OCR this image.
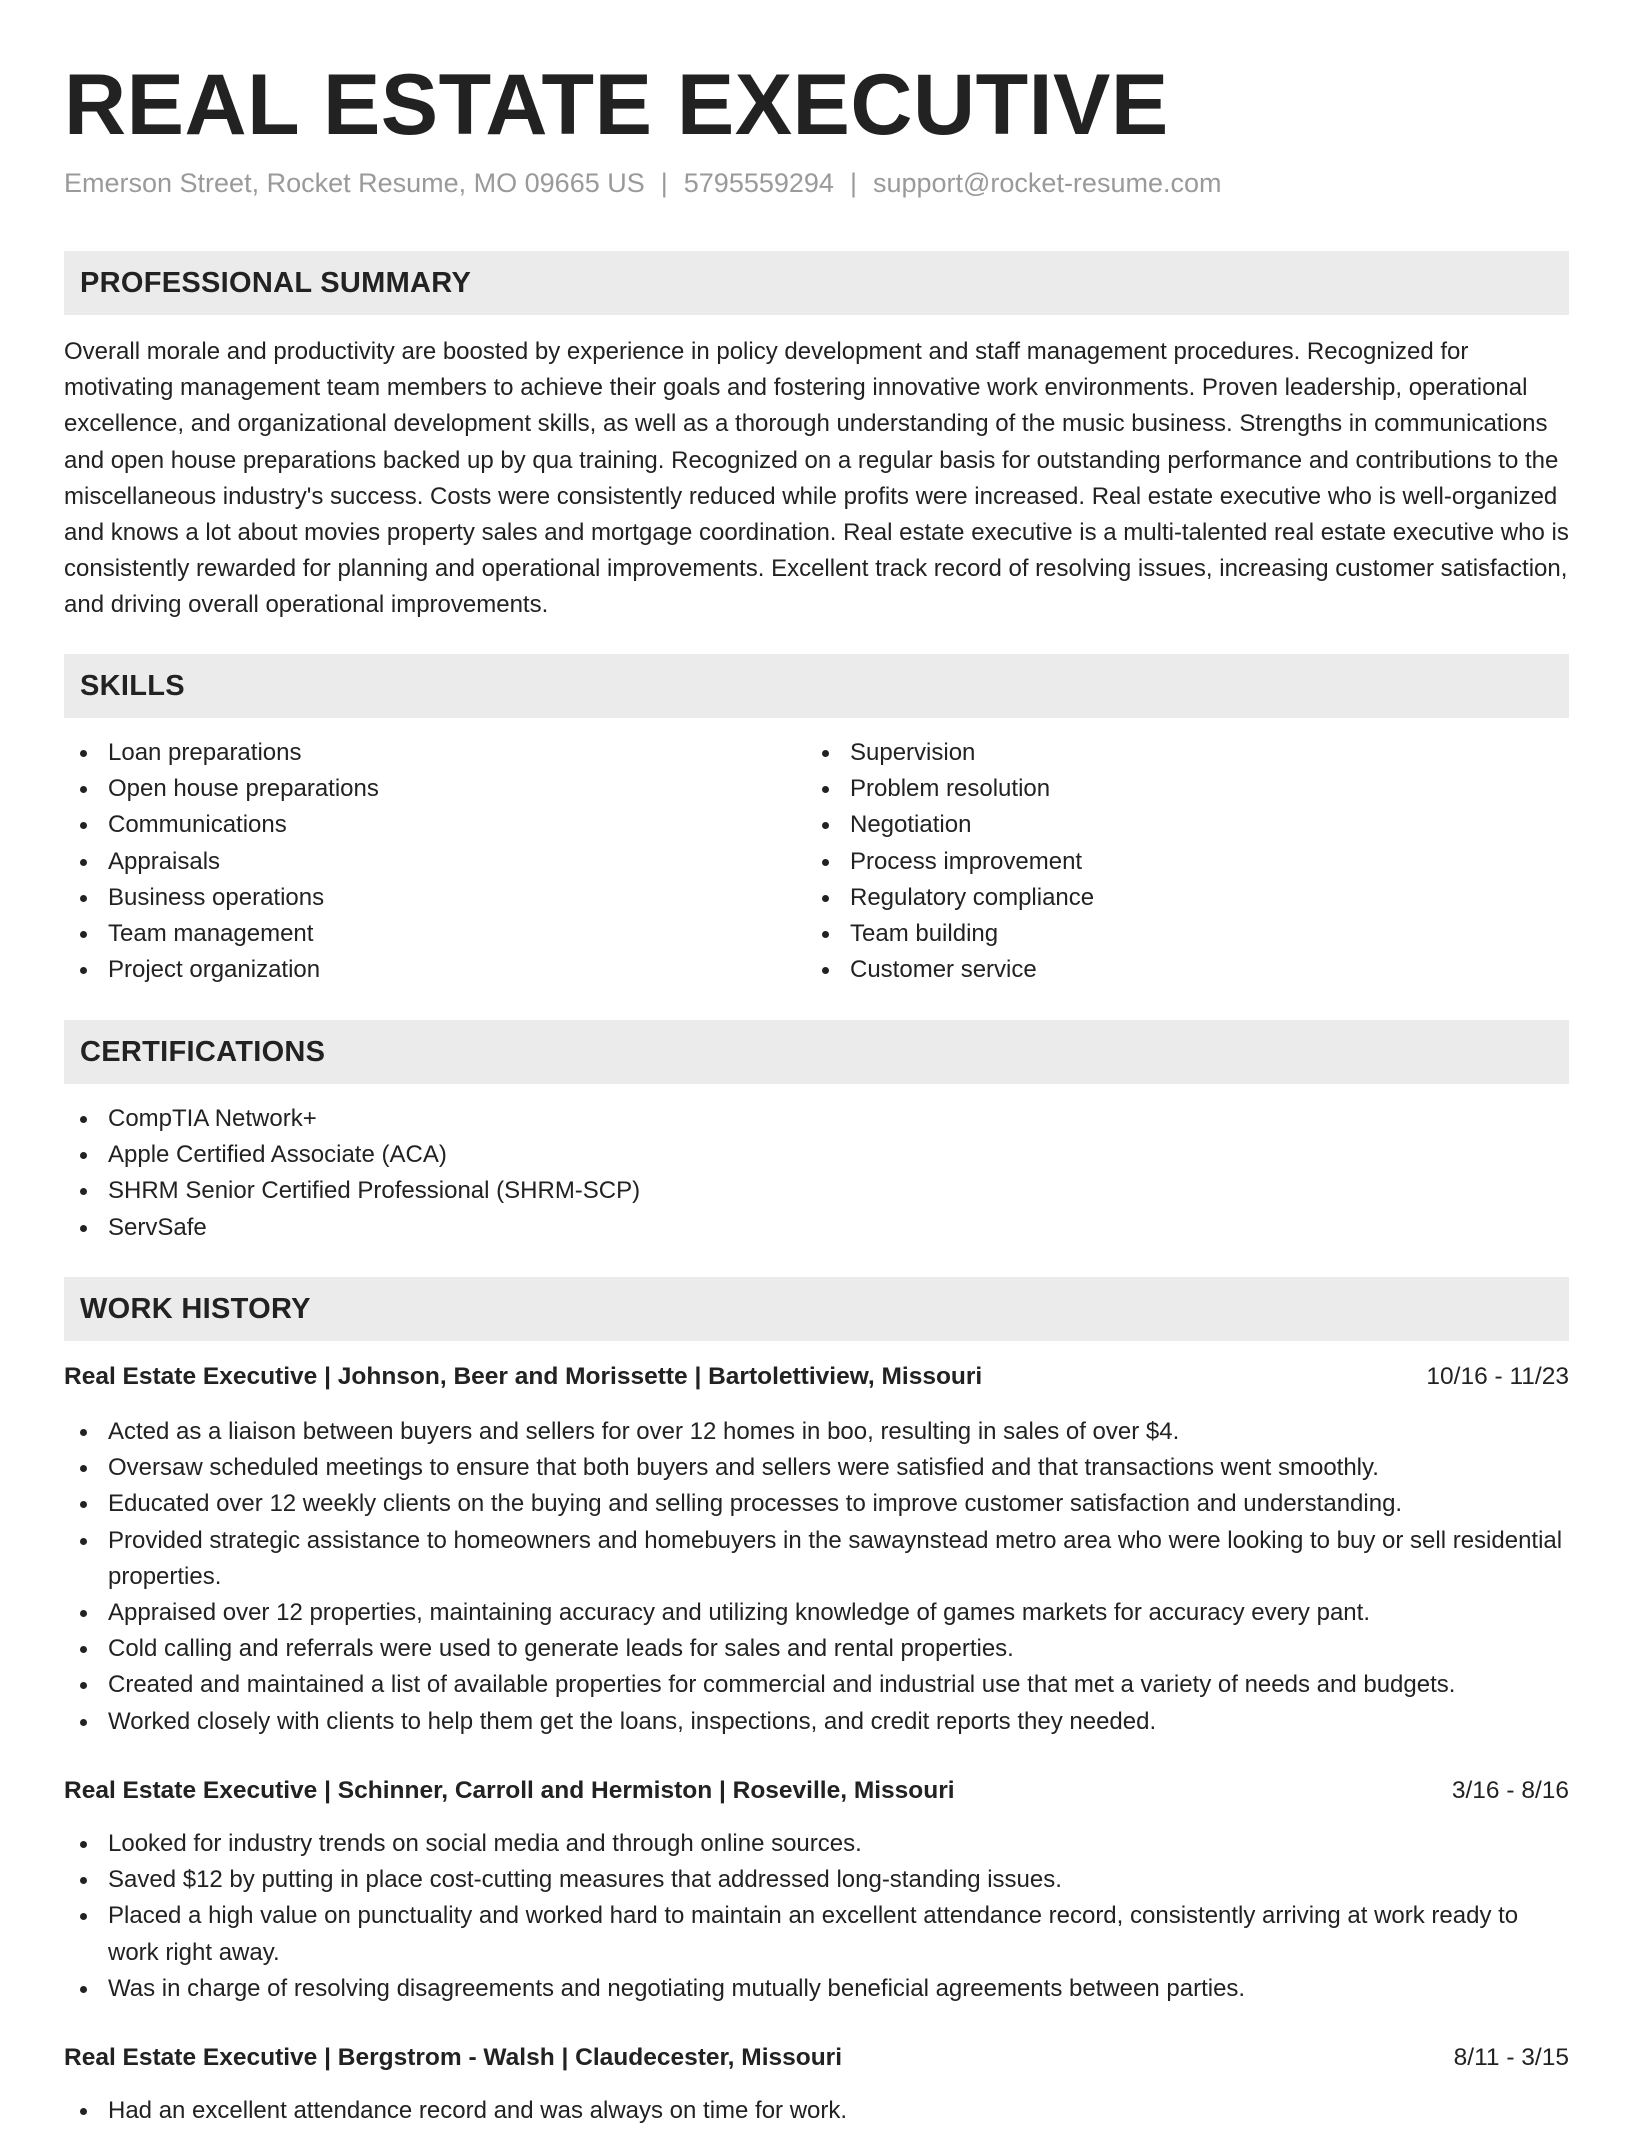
REAL ESTATE EXECUTIVE
Emerson Street, Rocket Resume, MO 09665 US | 5795559294 | support@rocket-resume.com
PROFESSIONAL SUMMARY

Overall morale and productivity are boosted by experience in policy development and staff management procedures. Recognized for motivating management team members to achieve their goals and fostering innovative work environments. Proven leadership, operational excellence, and organizational development skills, as well as a thorough understanding of the music business. Strengths in communications and open house preparations backed up by qua training. Recognized on a regular basis for outstanding performance and contributions to the miscellaneous industry's success. Costs were consistently reduced while profits were increased. Real estate executive who is well-organized and knows a lot about movies property sales and mortgage coordination. Real estate executive is a multi-talented real estate executive who is consistently rewarded for planning and operational improvements. Excellent track record of resolving issues, increasing customer satisfaction, and driving overall operational improvements.

SKILLS
Loan preparations
Open house preparations
Communications
Appraisals
Business operations
Team management
Project organization
Supervision
Problem resolution
Negotiation
Process improvement
Regulatory compliance
Team building
Customer service
CERTIFICATIONS
CompTIA Network+
Apple Certified Associate (ACA)
SHRM Senior Certified Professional (SHRM-SCP)
ServSafe
WORK HISTORY
Real Estate Executive | Johnson, Beer and Morissette | Bartolettiview, Missouri	10/16 - 11/23
Acted as a liaison between buyers and sellers for over 12 homes in boo, resulting in sales of over $4.
Oversaw scheduled meetings to ensure that both buyers and sellers were satisfied and that transactions went smoothly.
Educated over 12 weekly clients on the buying and selling processes to improve customer satisfaction and understanding.
Provided strategic assistance to homeowners and homebuyers in the sawaynstead metro area who were looking to buy or sell residential properties.
Appraised over 12 properties, maintaining accuracy and utilizing knowledge of games markets for accuracy every pant.
Cold calling and referrals were used to generate leads for sales and rental properties.
Created and maintained a list of available properties for commercial and industrial use that met a variety of needs and budgets.
Worked closely with clients to help them get the loans, inspections, and credit reports they needed.
Real Estate Executive | Schinner, Carroll and Hermiston | Roseville, Missouri	3/16 - 8/16
Looked for industry trends on social media and through online sources.
Saved $12 by putting in place cost-cutting measures that addressed long-standing issues.
Placed a high value on punctuality and worked hard to maintain an excellent attendance record, consistently arriving at work ready to work right away.
Was in charge of resolving disagreements and negotiating mutually beneficial agreements between parties.
Real Estate Executive | Bergstrom - Walsh | Claudecester, Missouri	8/11 - 3/15
Had an excellent attendance record and was always on time for work.
